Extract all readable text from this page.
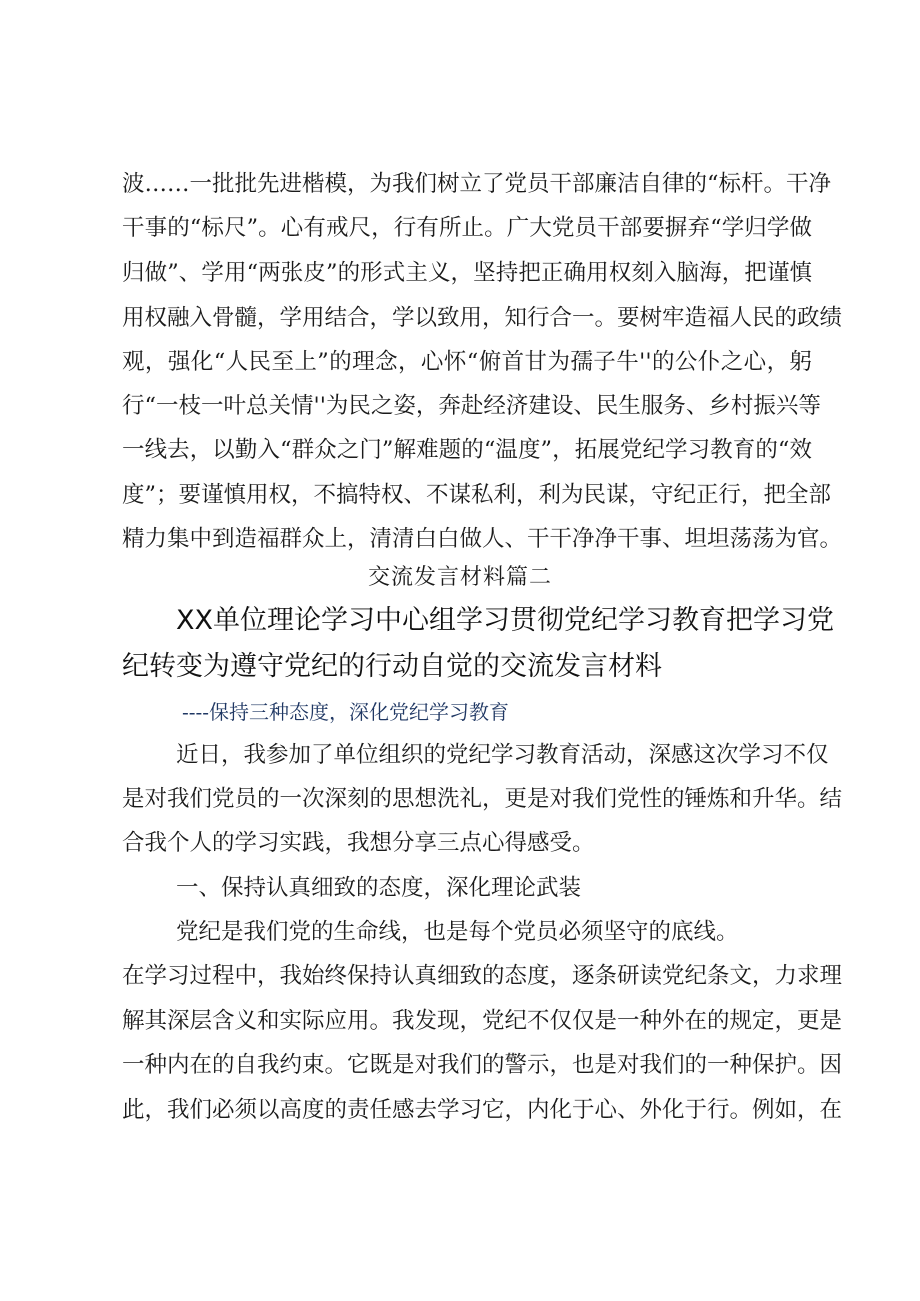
波……一批批先进楷模，为我们树立了党员干部廉洁自律的“标杆。干净
干事的“标尺”。心有戒尺，行有所止。广大党员干部要摒弃“学归学做
归做”、学用“两张皮”的形式主义，坚持把正确用权刻入脑海，把谨慎
用权融入骨髓，学用结合，学以致用，知行合一。要树牢造福人民的政绩
观，强化“人民至上”的理念，心怀“俯首甘为孺子牛''的公仆之心，躬
行“一枝一叶总关情''为民之姿，奔赴经济建设、民生服务、乡村振兴等
一线去，以勤入“群众之门”解难题的“温度”，拓展党纪学习教育的“效
度”；要谨慎用权，不搞特权、不谋私利，利为民谋，守纪正行，把全部
精力集中到造福群众上，清清白白做人、干干净净干事、坦坦荡荡为官。
交流发言材料篇二
XX单位理论学习中心组学习贯彻党纪学习教育把学习党
纪转变为遵守党纪的行动自觉的交流发言材料
----保持三种态度，深化党纪学习教育
近日，我参加了单位组织的党纪学习教育活动，深感这次学习不仅
是对我们党员的一次深刻的思想洗礼，更是对我们党性的锤炼和升华。结
合我个人的学习实践，我想分享三点心得感受。
一、保持认真细致的态度，深化理论武装
党纪是我们党的生命线，也是每个党员必须坚守的底线。
在学习过程中，我始终保持认真细致的态度，逐条研读党纪条文，力求理
解其深层含义和实际应用。我发现，党纪不仅仅是一种外在的规定，更是
一种内在的自我约束。它既是对我们的警示，也是对我们的一种保护。因
此，我们必须以高度的责任感去学习它，内化于心、外化于行。例如，在
